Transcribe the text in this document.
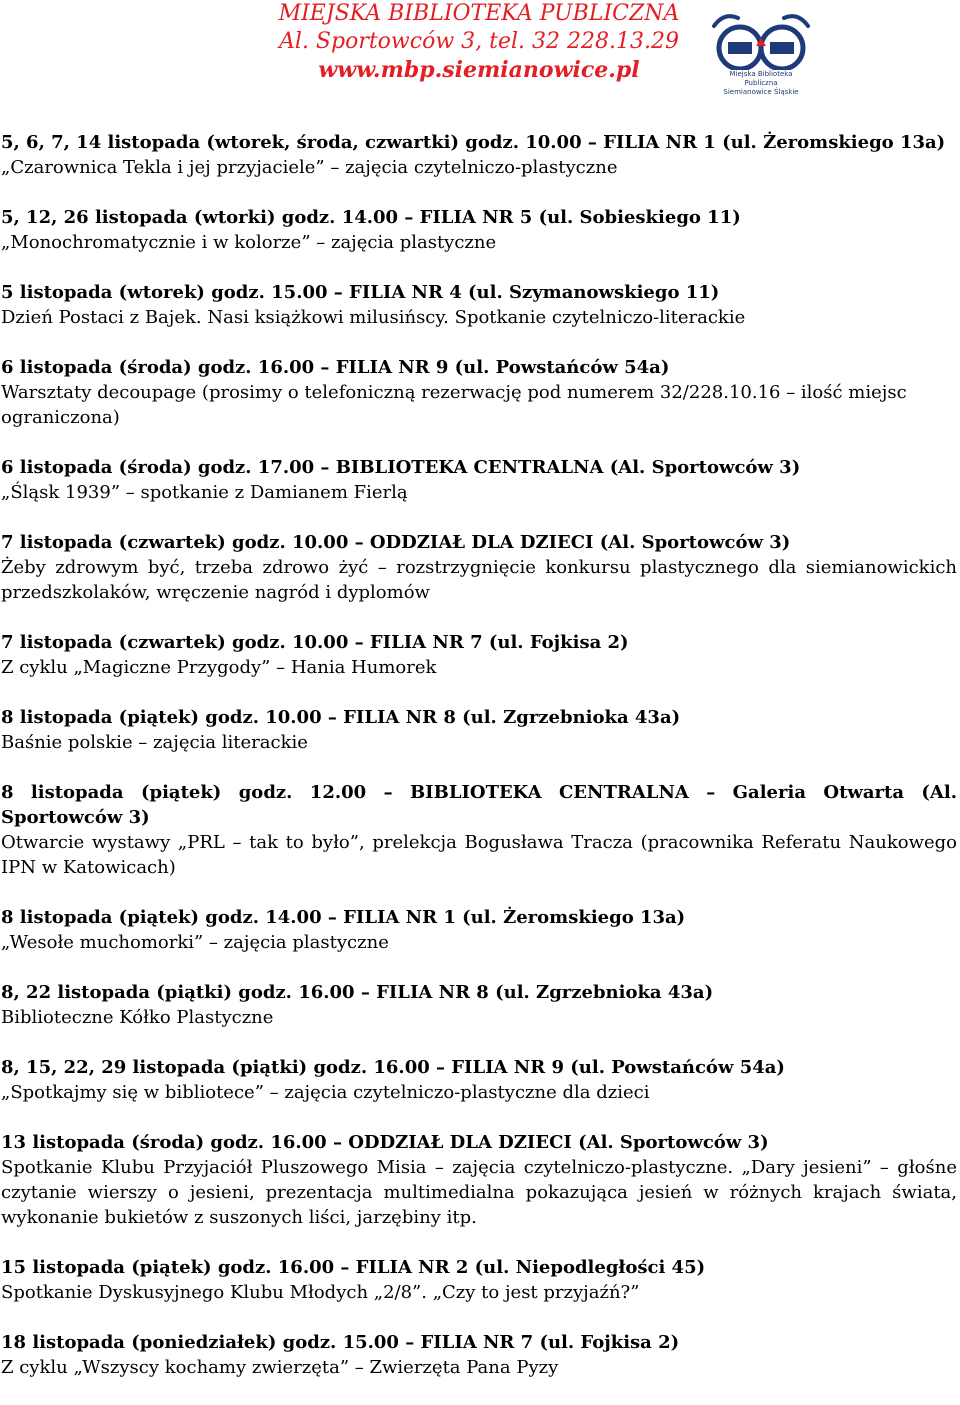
MIEJSKA BIBLIOTEKA PUBLICZNA
Al. Sportowców 3, tel. 32 228.13.29
www.mbp.siemianowice.pl	Miejska Biblioteka
Publiczna
Siemianowice Śląskie

5, 6, 7, 14 listopada (wtorek, środa, czwartki) godz. 10.00 – FILIA NR 1 (ul. Żeromskiego 13a)

„Czarownica Tekla i jej przyjaciele” – zajęcia czytelniczo-plastyczne

5, 12, 26 listopada (wtorki) godz. 14.00 – FILIA NR 5 (ul. Sobieskiego 11)

„Monochromatycznie i w kolorze” – zajęcia plastyczne

5 listopada (wtorek) godz. 15.00 – FILIA NR 4 (ul. Szymanowskiego 11)

Dzień Postaci z Bajek. Nasi książkowi milusińscy. Spotkanie czytelniczo-literackie

6 listopada (środa) godz. 16.00 – FILIA NR 9 (ul. Powstańców 54a)

Warsztaty decoupage (prosimy o telefoniczną rezerwację pod numerem 32/228.10.16 – ilość miejsc ograniczona)

6 listopada (środa) godz. 17.00 – BIBLIOTEKA CENTRALNA (Al. Sportowców 3)

„Śląsk 1939” – spotkanie z Damianem Fierlą

7 listopada (czwartek) godz. 10.00 – ODDZIAŁ DLA DZIECI (Al. Sportowców 3)

Żeby zdrowym być, trzeba zdrowo żyć – rozstrzygnięcie konkursu plastycznego dla siemianowickich przedszkolaków, wręczenie nagród i dyplomów

7 listopada (czwartek) godz. 10.00 – FILIA NR 7 (ul. Fojkisa 2)

Z cyklu „Magiczne Przygody” – Hania Humorek

8 listopada (piątek) godz. 10.00 – FILIA NR 8 (ul. Zgrzebnioka 43a)

Baśnie polskie – zajęcia literackie

8 listopada (piątek) godz. 12.00 – BIBLIOTEKA CENTRALNA – Galeria Otwarta (Al. Sportowców 3)

Otwarcie wystawy „PRL – tak to było”, prelekcja Bogusława Tracza (pracownika Referatu Naukowego IPN w Katowicach)

8 listopada (piątek) godz. 14.00 – FILIA NR 1 (ul. Żeromskiego 13a)

„Wesołe muchomorki” – zajęcia plastyczne

8, 22 listopada (piątki) godz. 16.00 – FILIA NR 8 (ul. Zgrzebnioka 43a)

Biblioteczne Kółko Plastyczne

8, 15, 22, 29 listopada (piątki) godz. 16.00 – FILIA NR 9 (ul. Powstańców 54a)

„Spotkajmy się w bibliotece” – zajęcia czytelniczo-plastyczne dla dzieci

13 listopada (środa) godz. 16.00 – ODDZIAŁ DLA DZIECI (Al. Sportowców 3)

Spotkanie Klubu Przyjaciół Pluszowego Misia – zajęcia czytelniczo-plastyczne. „Dary jesieni” – głośne czytanie wierszy o jesieni, prezentacja multimedialna pokazująca jesień w różnych krajach świata, wykonanie bukietów z suszonych liści, jarzębiny itp.

15 listopada (piątek) godz. 16.00 – FILIA NR 2 (ul. Niepodległości 45)

Spotkanie Dyskusyjnego Klubu Młodych „2/8”. „Czy to jest przyjaźń?”

18 listopada (poniedziałek) godz. 15.00 – FILIA NR 7 (ul. Fojkisa 2)

Z cyklu „Wszyscy kochamy zwierzęta” – Zwierzęta Pana Pyzy
